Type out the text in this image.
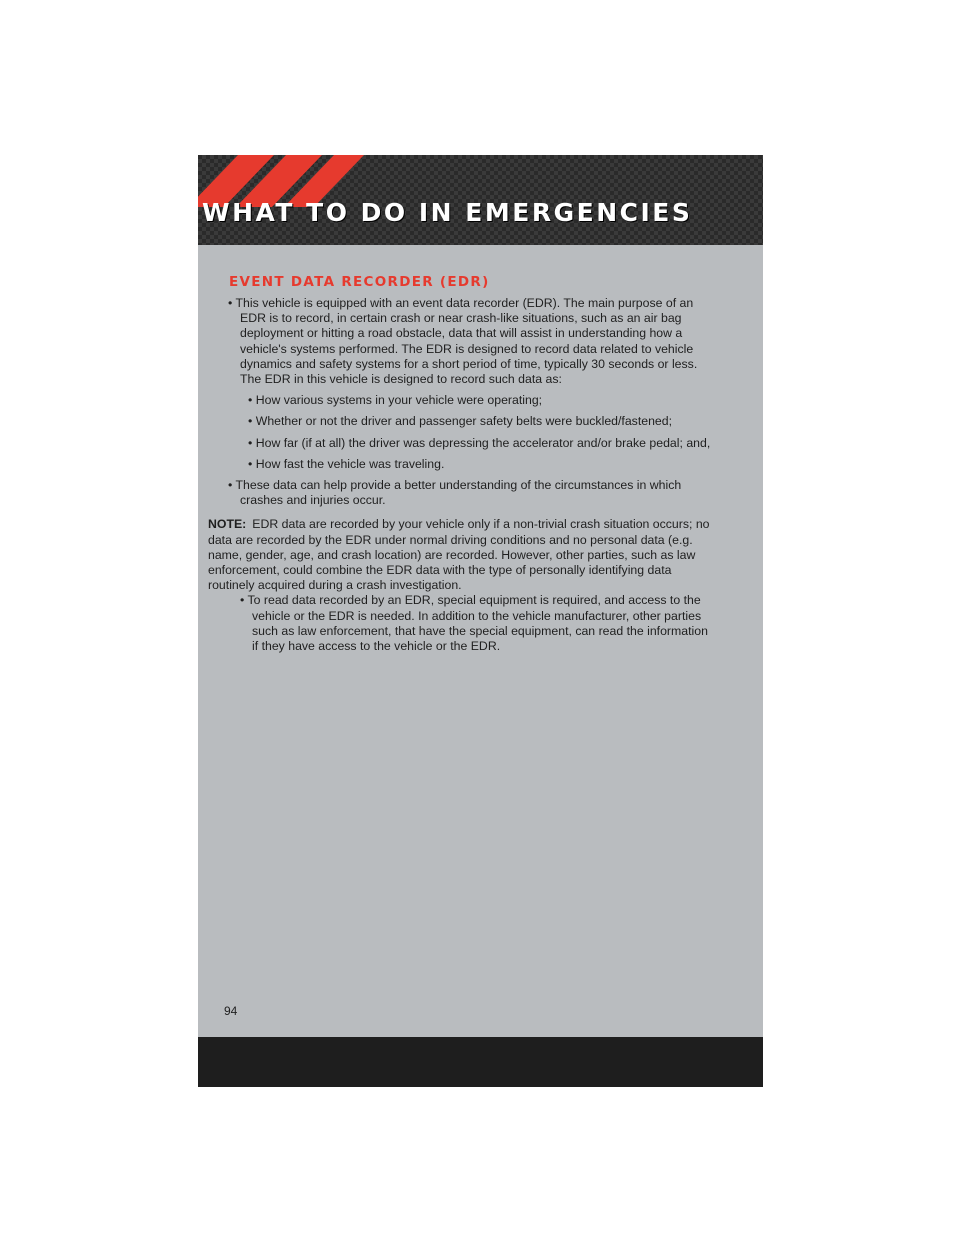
WHAT TO DO IN EMERGENCIES
EVENT DATA RECORDER (EDR)

• This vehicle is equipped with an event data recorder (EDR). The main purpose of an EDR is to record, in certain crash or near crash-like situations, such as an air bag deployment or hitting a road obstacle, data that will assist in understanding how a vehicle's systems performed. The EDR is designed to record data related to vehicle dynamics and safety systems for a short period of time, typically 30 seconds or less. The EDR in this vehicle is designed to record such data as:

• How various systems in your vehicle were operating;

• Whether or not the driver and passenger safety belts were buckled/fastened;

• How far (if at all) the driver was depressing the accelerator and/or brake pedal; and,

• How fast the vehicle was traveling.

• These data can help provide a better understanding of the circumstances in which crashes and injuries occur.

NOTE: EDR data are recorded by your vehicle only if a non-trivial crash situation occurs; no data are recorded by the EDR under normal driving conditions and no personal data (e.g. name, gender, age, and crash location) are recorded. However, other parties, such as law enforcement, could combine the EDR data with the type of personally identifying data routinely acquired during a crash investigation.

• To read data recorded by an EDR, special equipment is required, and access to the vehicle or the EDR is needed. In addition to the vehicle manufacturer, other parties such as law enforcement, that have the special equipment, can read the information if they have access to the vehicle or the EDR.

94
